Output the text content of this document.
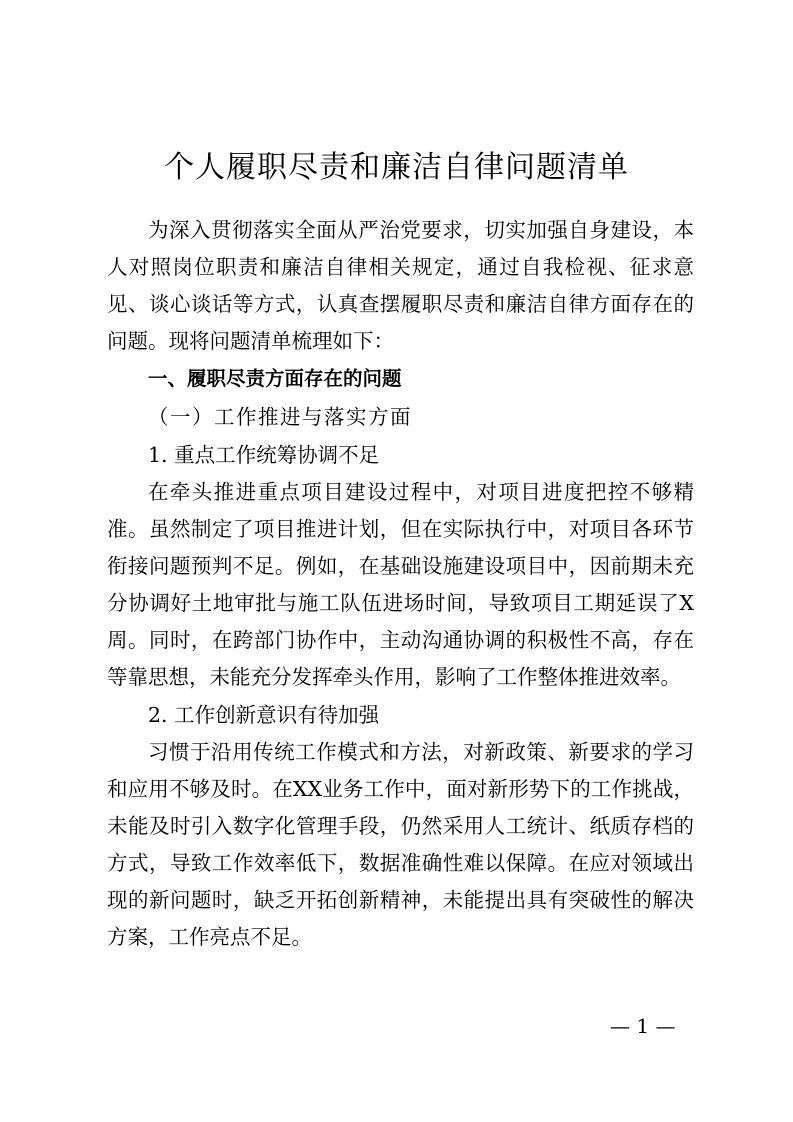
个人履职尽责和廉洁自律问题清单

为深入贯彻落实全面从严治党要求，切实加强自身建设，本人对照岗位职责和廉洁自律相关规定，通过自我检视、征求意见、谈心谈话等方式，认真查摆履职尽责和廉洁自律方面存在的问题。现将问题清单梳理如下：

一、履职尽责方面存在的问题

（一）工作推进与落实方面

1. 重点工作统筹协调不足

在牵头推进重点项目建设过程中，对项目进度把控不够精准。虽然制定了项目推进计划，但在实际执行中，对项目各环节衔接问题预判不足。例如，在基础设施建设项目中，因前期未充分协调好土地审批与施工队伍进场时间，导致项目工期延误了X周。同时，在跨部门协作中，主动沟通协调的积极性不高，存在等靠思想，未能充分发挥牵头作用，影响了工作整体推进效率。

2. 工作创新意识有待加强

习惯于沿用传统工作模式和方法，对新政策、新要求的学习和应用不够及时。在XX业务工作中，面对新形势下的工作挑战，未能及时引入数字化管理手段，仍然采用人工统计、纸质存档的方式，导致工作效率低下，数据准确性难以保障。在应对领域出现的新问题时，缺乏开拓创新精神，未能提出具有突破性的解决方案，工作亮点不足。

— 1 —
